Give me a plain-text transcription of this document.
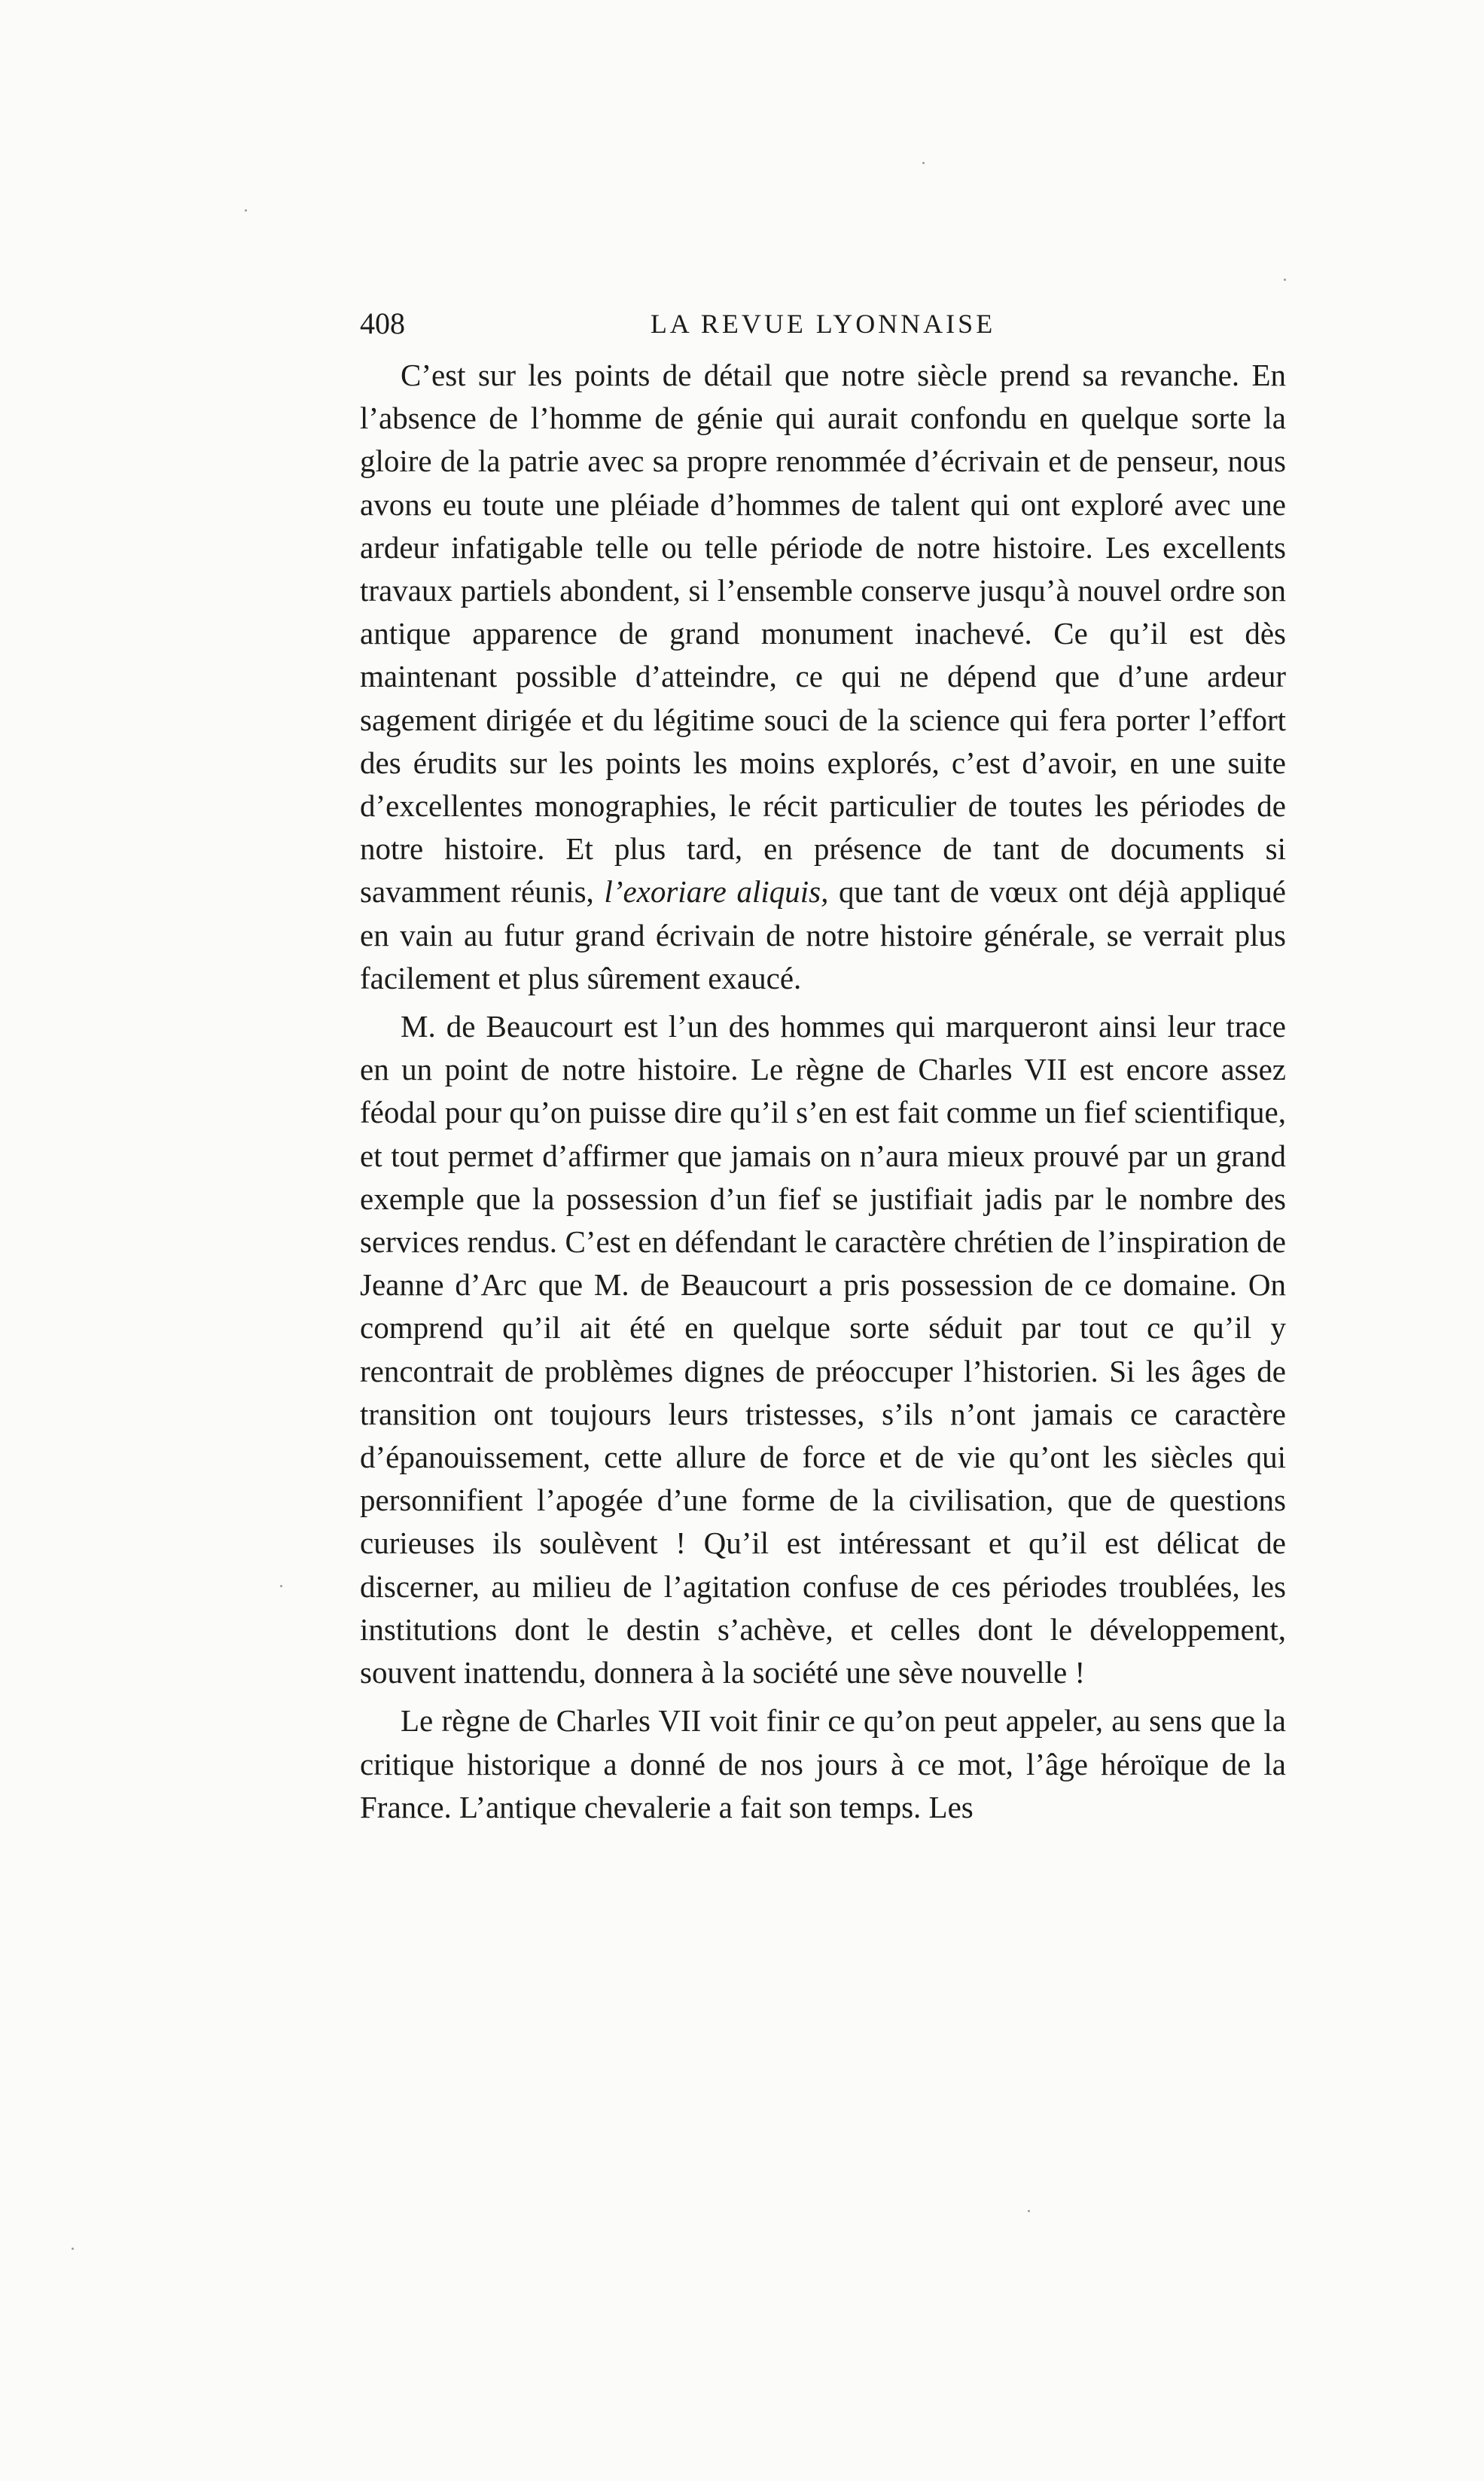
408	LA REVUE LYONNAISE

C’est sur les points de détail que notre siècle prend sa revanche. En l’absence de l’homme de génie qui aurait confondu en quelque sorte la gloire de la patrie avec sa propre renommée d’écrivain et de penseur, nous avons eu toute une pléiade d’hommes de talent qui ont exploré avec une ardeur infatigable telle ou telle période de notre histoire. Les excellents travaux partiels abondent, si l’ensemble conserve jusqu’à nouvel ordre son antique apparence de grand monument inachevé. Ce qu’il est dès maintenant possible d’atteindre, ce qui ne dépend que d’une ardeur sagement dirigée et du légitime souci de la science qui fera porter l’effort des érudits sur les points les moins explorés, c’est d’avoir, en une suite d’excellentes monographies, le récit particulier de toutes les périodes de notre histoire. Et plus tard, en présence de tant de documents si savamment réunis, l’exoriare aliquis, que tant de vœux ont déjà appliqué en vain au futur grand écrivain de notre histoire générale, se verrait plus facilement et plus sûrement exaucé.

M. de Beaucourt est l’un des hommes qui marqueront ainsi leur trace en un point de notre histoire. Le règne de Charles VII est encore assez féodal pour qu’on puisse dire qu’il s’en est fait comme un fief scientifique, et tout permet d’affirmer que jamais on n’aura mieux prouvé par un grand exemple que la possession d’un fief se justifiait jadis par le nombre des services rendus. C’est en défendant le caractère chrétien de l’inspiration de Jeanne d’Arc que M. de Beaucourt a pris possession de ce domaine. On comprend qu’il ait été en quelque sorte séduit par tout ce qu’il y rencontrait de problèmes dignes de préoccuper l’historien. Si les âges de transition ont toujours leurs tristesses, s’ils n’ont jamais ce caractère d’épanouissement, cette allure de force et de vie qu’ont les siècles qui personnifient l’apogée d’une forme de la civilisation, que de questions curieuses ils soulèvent ! Qu’il est intéressant et qu’il est délicat de discerner, au milieu de l’agitation confuse de ces périodes troublées, les institutions dont le destin s’achève, et celles dont le développement, souvent inattendu, donnera à la société une sève nouvelle !

Le règne de Charles VII voit finir ce qu’on peut appeler, au sens que la critique historique a donné de nos jours à ce mot, l’âge héroïque de la France. L’antique chevalerie a fait son temps. Les
